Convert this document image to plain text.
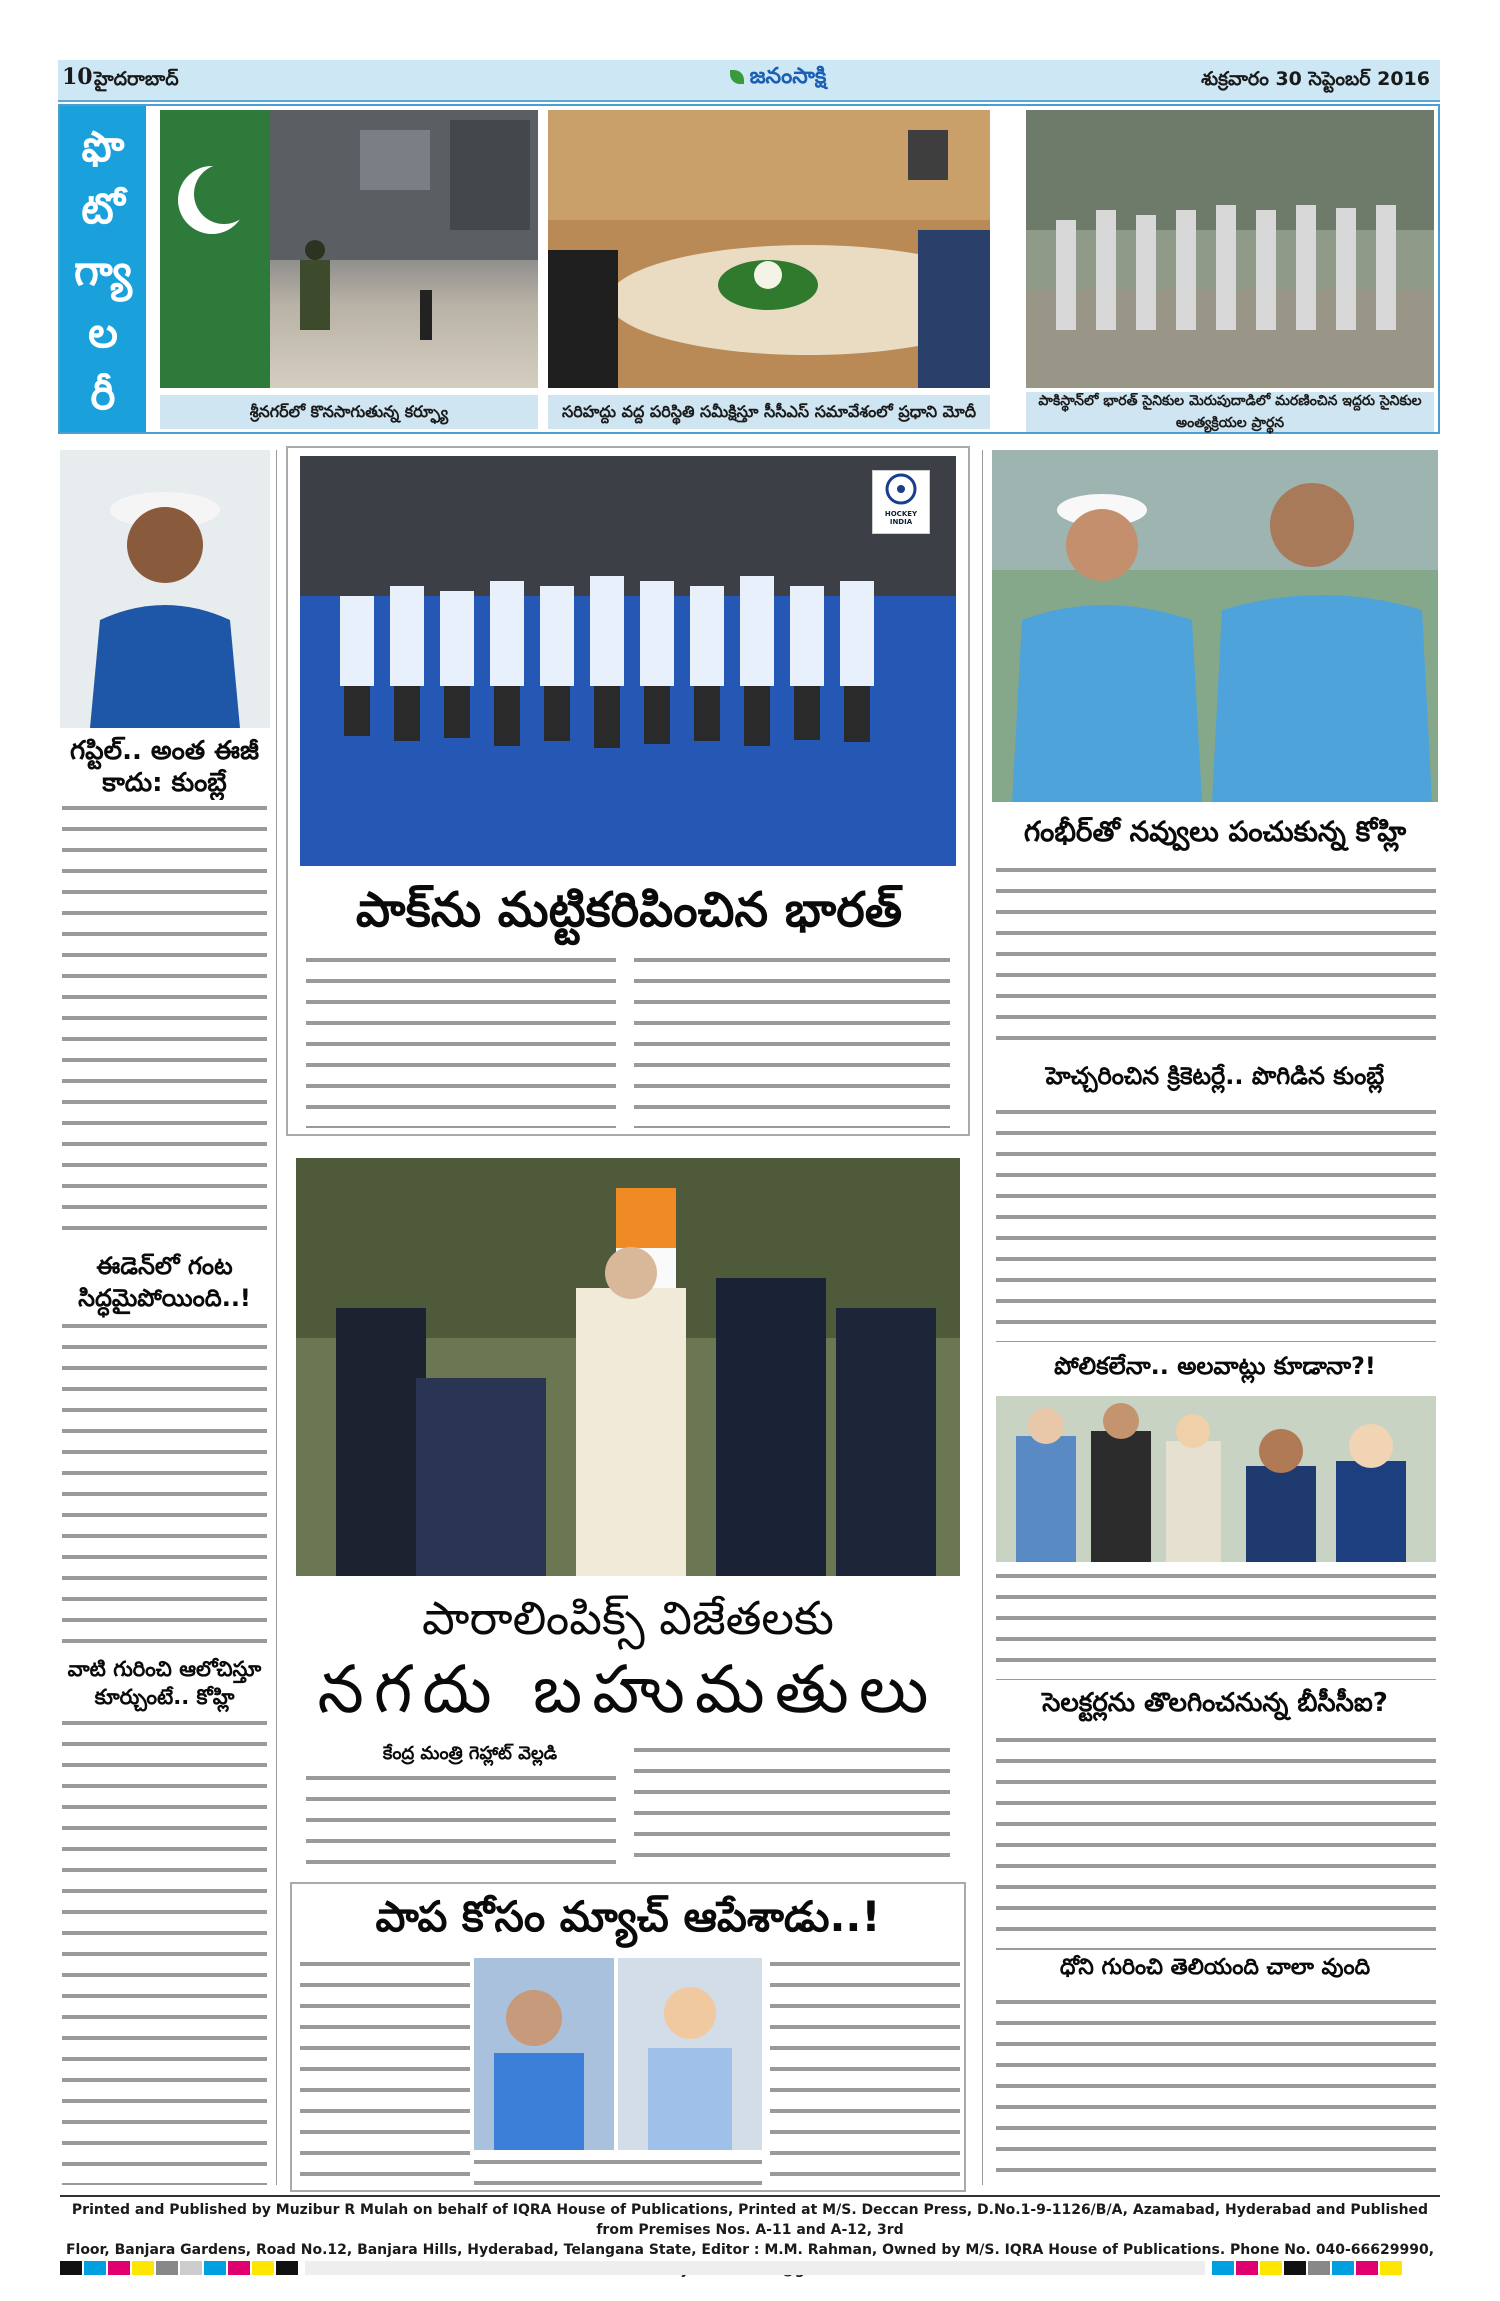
10 హైదరాబాద్	జనంసాక్షి	శుక్రవారం 30 సెప్టెంబర్ 2016
ఫొ
టో
గ్యా
ల
రీ	శ్రీనగర్‌లో కొనసాగుతున్న కర్ఫ్యూ	సరిహద్దు వద్ద పరిస్థితి సమీక్షిస్తూ సీసీఎస్ సమావేశంలో ప్రధాని మోదీ
పాకిస్థాన్‌లో భారత్ సైనికుల మెరుపుదాడిలో మరణించిన ఇద్దరు సైనికుల అంత్యక్రియల ప్రార్థన
గప్టిల్.. అంత ఈజీ కాదు: కుంబ్లే
ఈడెన్‌లో గంట సిద్ధమైపోయింది..!
వాటి గురించి ఆలోచిస్తూ కూర్చుంటే.. కోహ్లి
HOCKEY INDIA
పాక్‌ను మట్టికరిపించిన భారత్
పారాలింపిక్స్ విజేతలకు
నగదు బహుమతులు
కేంద్ర మంత్రి గెహ్లాట్ వెల్లడి
పాప కోసం మ్యాచ్ ఆపేశాడు..!
గంభీర్‌తో నవ్వులు పంచుకున్న కోహ్లి
హెచ్చరించిన క్రికెటర్లే.. పొగిడిన కుంబ్లే
పోలికలేనా.. అలవాట్లు కూడానా?!
సెలక్టర్లను తొలగించనున్న బీసీసీఐ?
ధోని గురించి తెలియంది చాలా వుంది
Printed and Published by Muzibur R Mulah on behalf of IQRA House of Publications, Printed at M/S. Deccan Press, D.No.1-9-1126/B/A, Azamabad, Hyderabad and Published from Premises Nos. A-11 and A-12, 3rd
Floor, Banjara Gardens, Road No.12, Banjara Hills, Hyderabad, Telangana State, Editor : M.M. Rahman, Owned by M/S. IQRA House of Publications. Phone No. 040-66629990,
